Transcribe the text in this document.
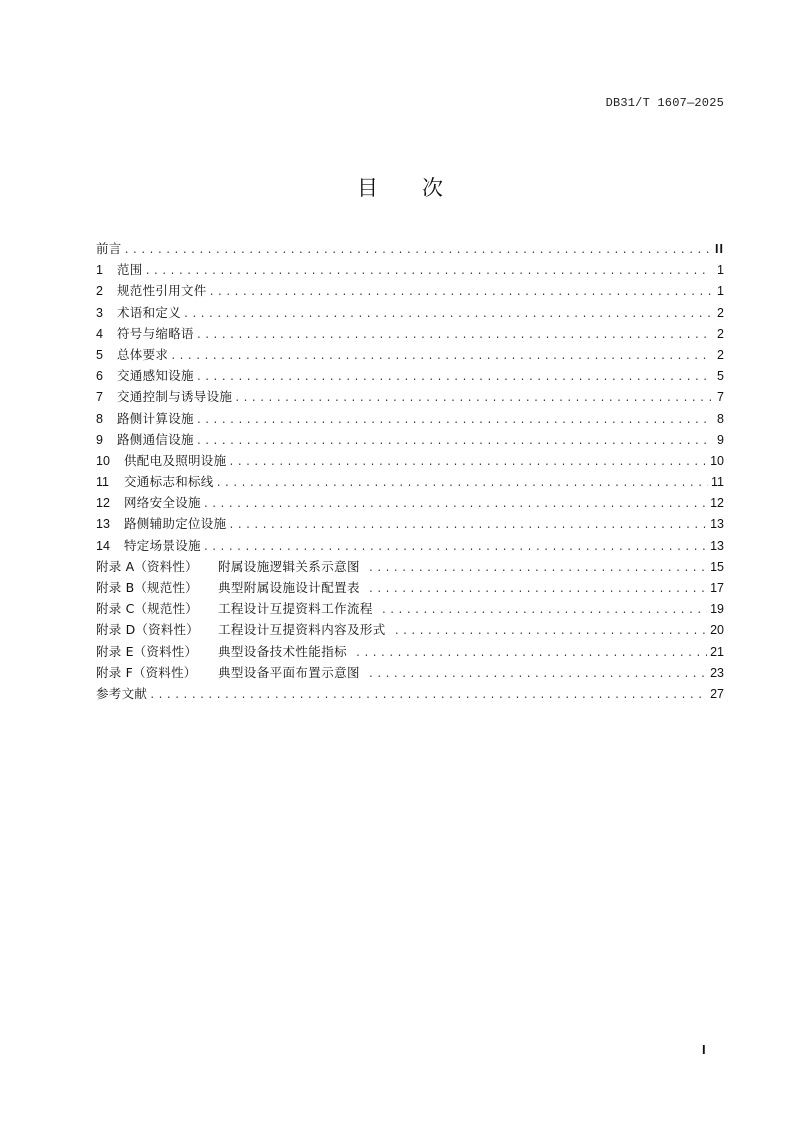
DB31/T 1607—2025
目 次
前言 .....	II
1	范围 .....	1
2	规范性引用文件 .....	1
3	术语和定义 .....	2
4	符号与缩略语 .....	2
5	总体要求 .....	2
6	交通感知设施 .....	5
7	交通控制与诱导设施 .....	7
8	路侧计算设施 .....	8
9	路侧通信设施 .....	9
10	供配电及照明设施 .....	10
11	交通标志和标线 .....	11
12	网络安全设施 .....	12
13	路侧辅助定位设施 .....	13
14	特定场景设施 .....	13
附录 A（资料性）	附属设施逻辑关系示意图 .....	15
附录 B（规范性）	典型附属设施设计配置表 .....	17
附录 C（规范性）	工程设计互提资料工作流程 .....	19
附录 D（资料性）	工程设计互提资料内容及形式 .....	20
附录 E（资料性）	典型设备技术性能指标 .....	21
附录 F（资料性）	典型设备平面布置示意图 .....	23
参考文献 .....	27
I
